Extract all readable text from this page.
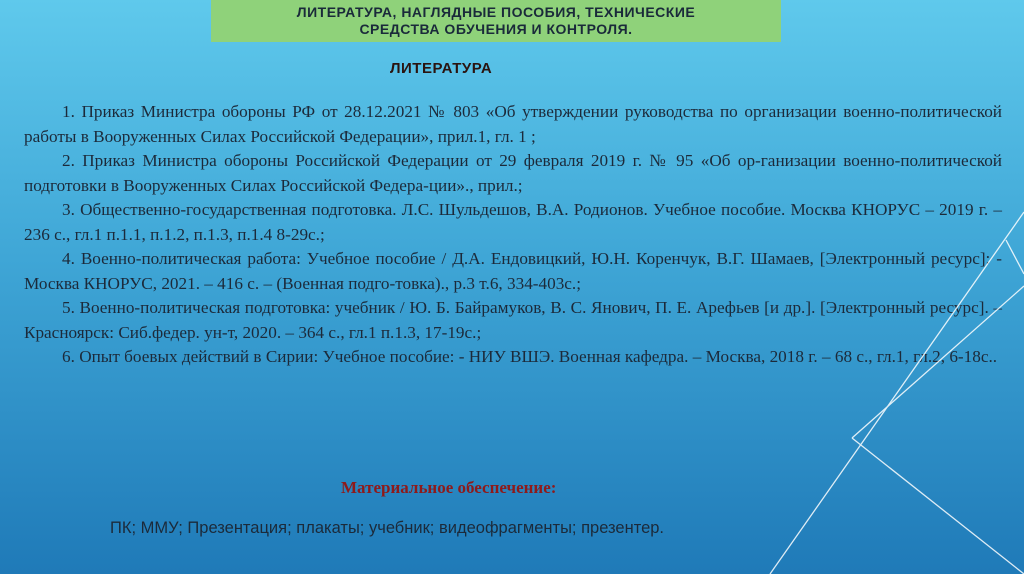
ЛИТЕРАТУРА, НАГЛЯДНЫЕ ПОСОБИЯ, ТЕХНИЧЕСКИЕ
СРЕДСТВА ОБУЧЕНИЯ И КОНТРОЛЯ.
ЛИТЕРАТУРА

1. Приказ Министра обороны РФ от 28.12.2021 № 803 «Об утверждении руководства по организации военно-политической работы в Вооруженных Силах Российской Федерации», прил.1, гл. 1 ;

2. Приказ Министра обороны Российской Федерации от 29 февраля 2019 г. № 95 «Об ор-ганизации военно-политической подготовки в Вооруженных Силах Российской Федера-ции»., прил.;

3. Общественно-государственная подготовка. Л.С. Шульдешов, В.А. Родионов. Учебное пособие. Москва КНОРУС – 2019 г. – 236 с., гл.1 п.1.1, п.1.2, п.1.3, п.1.4 8-29с.;

4. Военно-политическая работа: Учебное пособие / Д.А. Ендовицкий, Ю.Н. Коренчук, В.Г. Шамаев, [Электронный ресурс]: - Москва КНОРУС, 2021. – 416 с. – (Военная подго-товка)., р.3 т.6, 334-403с.;

5. Военно-политическая подготовка: учебник / Ю. Б. Байрамуков, В. С. Янович, П. Е. Арефьев [и др.]. [Электронный ресурс]. – Красноярск: Сиб.федер. ун-т, 2020. – 364 с., гл.1 п.1.3, 17-19с.;

6. Опыт боевых действий в Сирии: Учебное пособие: - НИУ ВШЭ. Военная кафедра. – Москва, 2018 г. – 68 с., гл.1, гл.2, 6-18с..

Материальное обеспечение:
ПК; ММУ; Презентация; плакаты; учебник; видеофрагменты; презентер.
